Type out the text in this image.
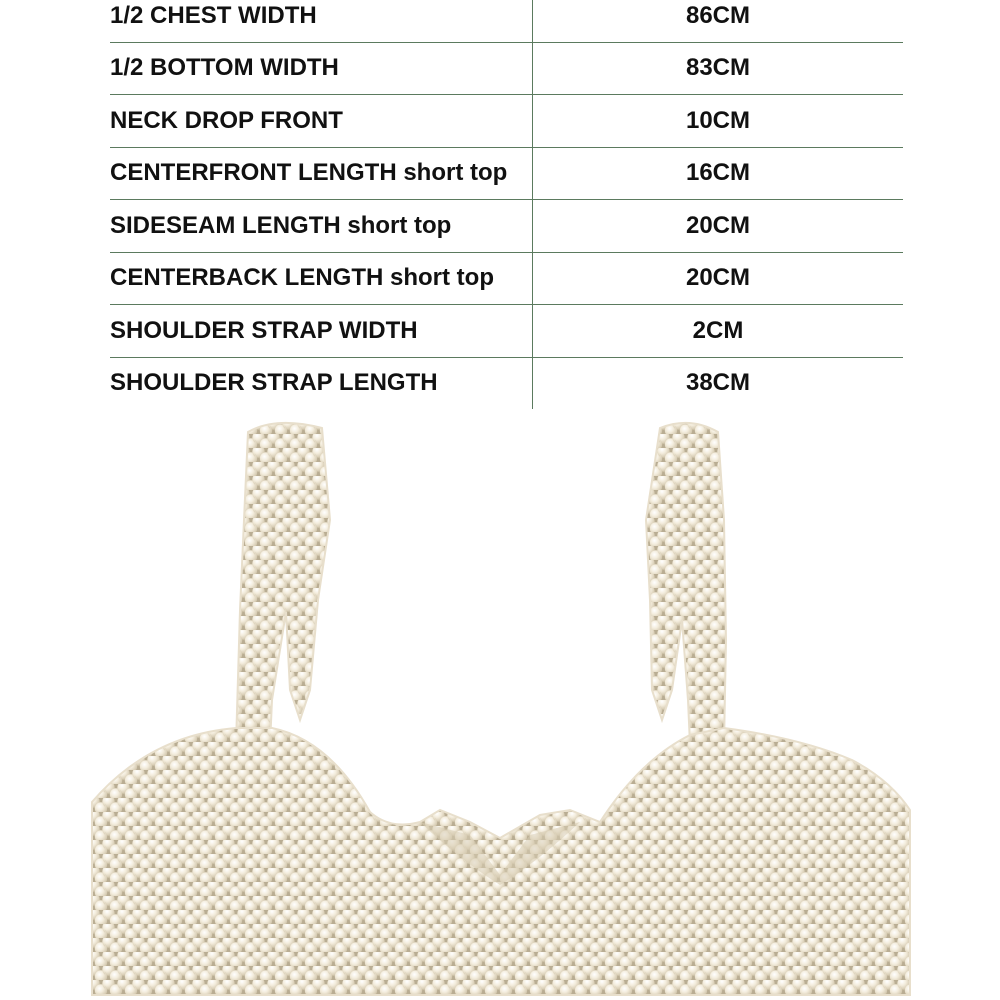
1/2 CHEST WIDTH	86CM
1/2 BOTTOM WIDTH	83CM
NECK DROP FRONT	10CM
CENTERFRONT LENGTH short top	16CM
SIDESEAM LENGTH short top	20CM
CENTERBACK LENGTH short top	20CM
SHOULDER STRAP WIDTH	2CM
SHOULDER STRAP LENGTH	38CM
